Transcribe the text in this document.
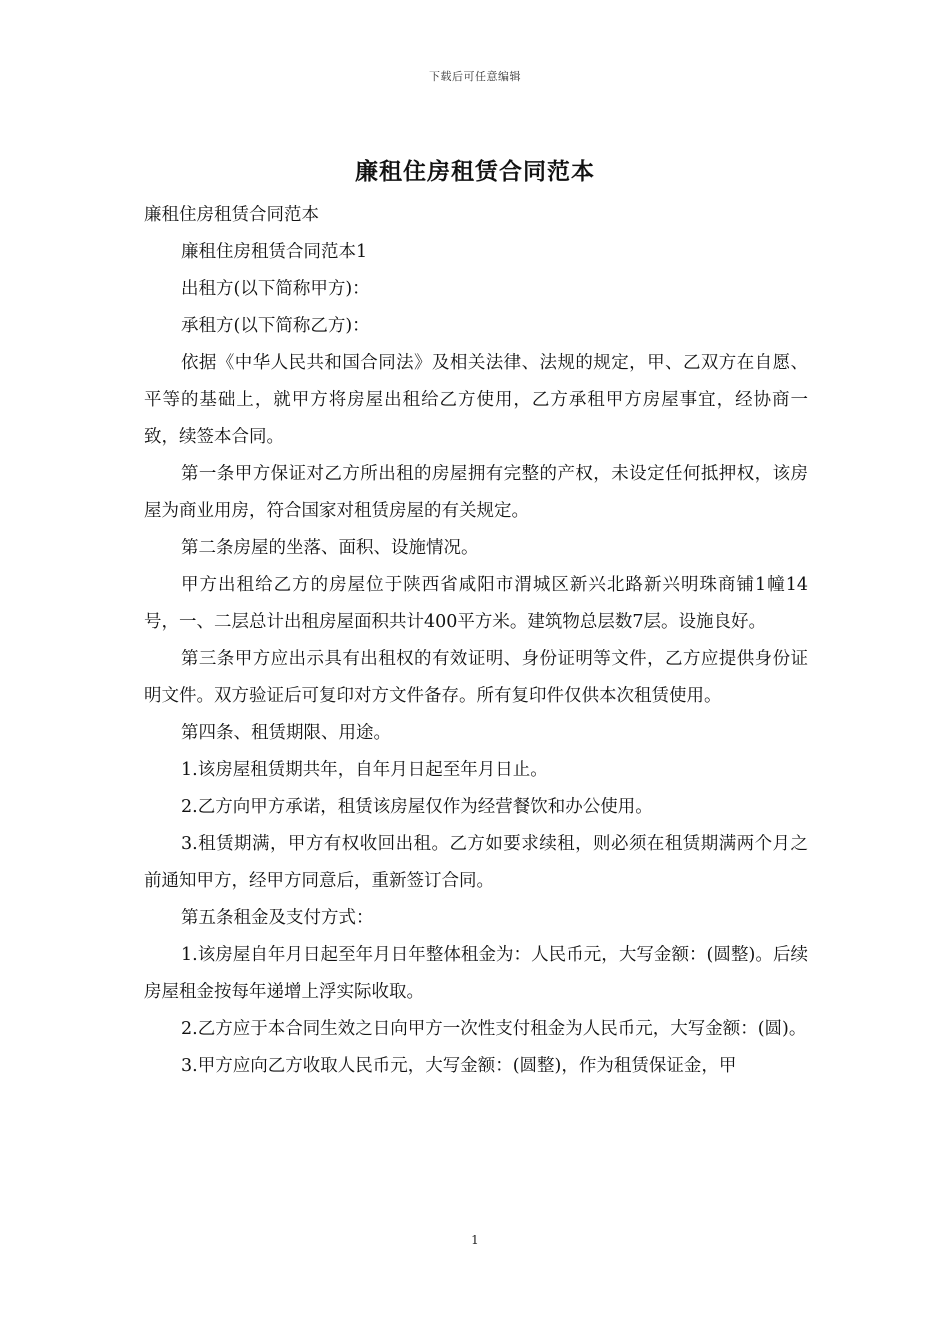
下载后可任意编辑
廉租住房租赁合同范本

廉租住房租赁合同范本

廉租住房租赁合同范本1

出租方(以下简称甲方)：

承租方(以下简称乙方)：

依据《中华人民共和国合同法》及相关法律、法规的规定，甲、乙双方在自愿、平等的基础上，就甲方将房屋出租给乙方使用，乙方承租甲方房屋事宜，经协商一致，续签本合同。

第一条甲方保证对乙方所出租的房屋拥有完整的产权，未设定任何抵押权，该房屋为商业用房，符合国家对租赁房屋的有关规定。

第二条房屋的坐落、面积、设施情况。

甲方出租给乙方的房屋位于陕西省咸阳市渭城区新兴北路新兴明珠商铺1幢14号，一、二层总计出租房屋面积共计400平方米。建筑物总层数7层。设施良好。

第三条甲方应出示具有出租权的有效证明、身份证明等文件，乙方应提供身份证明文件。双方验证后可复印对方文件备存。所有复印件仅供本次租赁使用。

第四条、租赁期限、用途。

1.该房屋租赁期共年，自年月日起至年月日止。

2.乙方向甲方承诺，租赁该房屋仅作为经营餐饮和办公使用。

3.租赁期满，甲方有权收回出租。乙方如要求续租，则必须在租赁期满两个月之前通知甲方，经甲方同意后，重新签订合同。

第五条租金及支付方式：

1.该房屋自年月日起至年月日年整体租金为：人民币元，大写金额：(圆整)。后续房屋租金按每年递增上浮实际收取。

2.乙方应于本合同生效之日向甲方一次性支付租金为人民币元，大写金额：(圆)。

3.甲方应向乙方收取人民币元，大写金额：(圆整)，作为租赁保证金，甲

1
